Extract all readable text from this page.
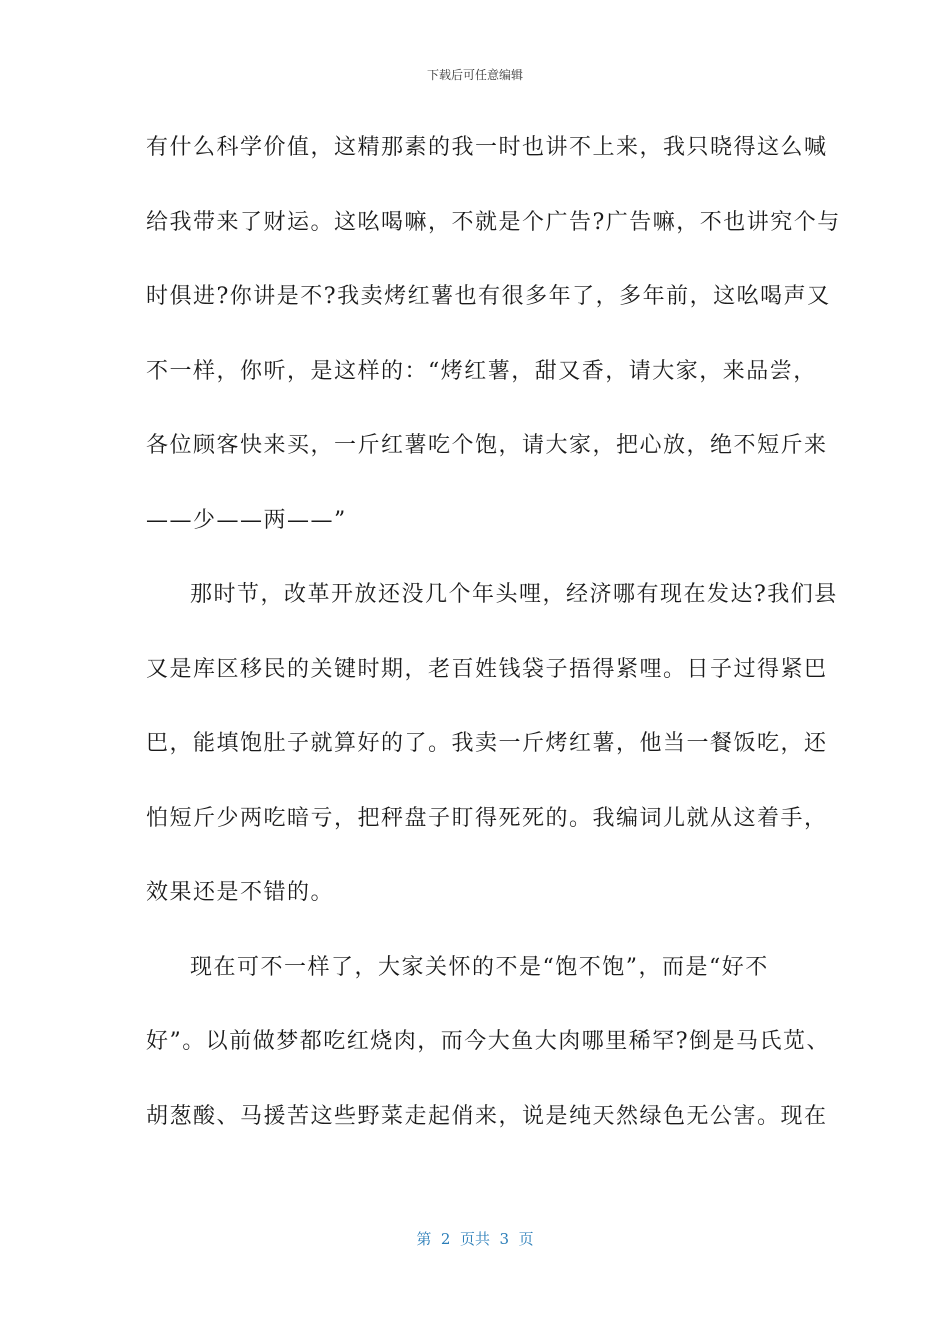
下载后可任意编辑
有什么科学价值，这精那素的我一时也讲不上来，我只晓得这么喊
给我带来了财运。这吆喝嘛，不就是个广告?广告嘛，不也讲究个与
时俱进?你讲是不?我卖烤红薯也有很多年了，多年前，这吆喝声又
不一样，你听，是这样的：“烤红薯，甜又香，请大家，来品尝，
各位顾客快来买，一斤红薯吃个饱，请大家，把心放，绝不短斤来
——少——两——”
那时节，改革开放还没几个年头哩，经济哪有现在发达?我们县
又是库区移民的关键时期，老百姓钱袋子捂得紧哩。日子过得紧巴
巴，能填饱肚子就算好的了。我卖一斤烤红薯，他当一餐饭吃，还
怕短斤少两吃暗亏，把秤盘子盯得死死的。我编词儿就从这着手，
效果还是不错的。
现在可不一样了，大家关怀的不是“饱不饱”，而是“好不
好”。以前做梦都吃红烧肉，而今大鱼大肉哪里稀罕?倒是马氏苋、
胡葱酸、马援苦这些野菜走起俏来，说是纯天然绿色无公害。现在
第  2  页共  3  页
